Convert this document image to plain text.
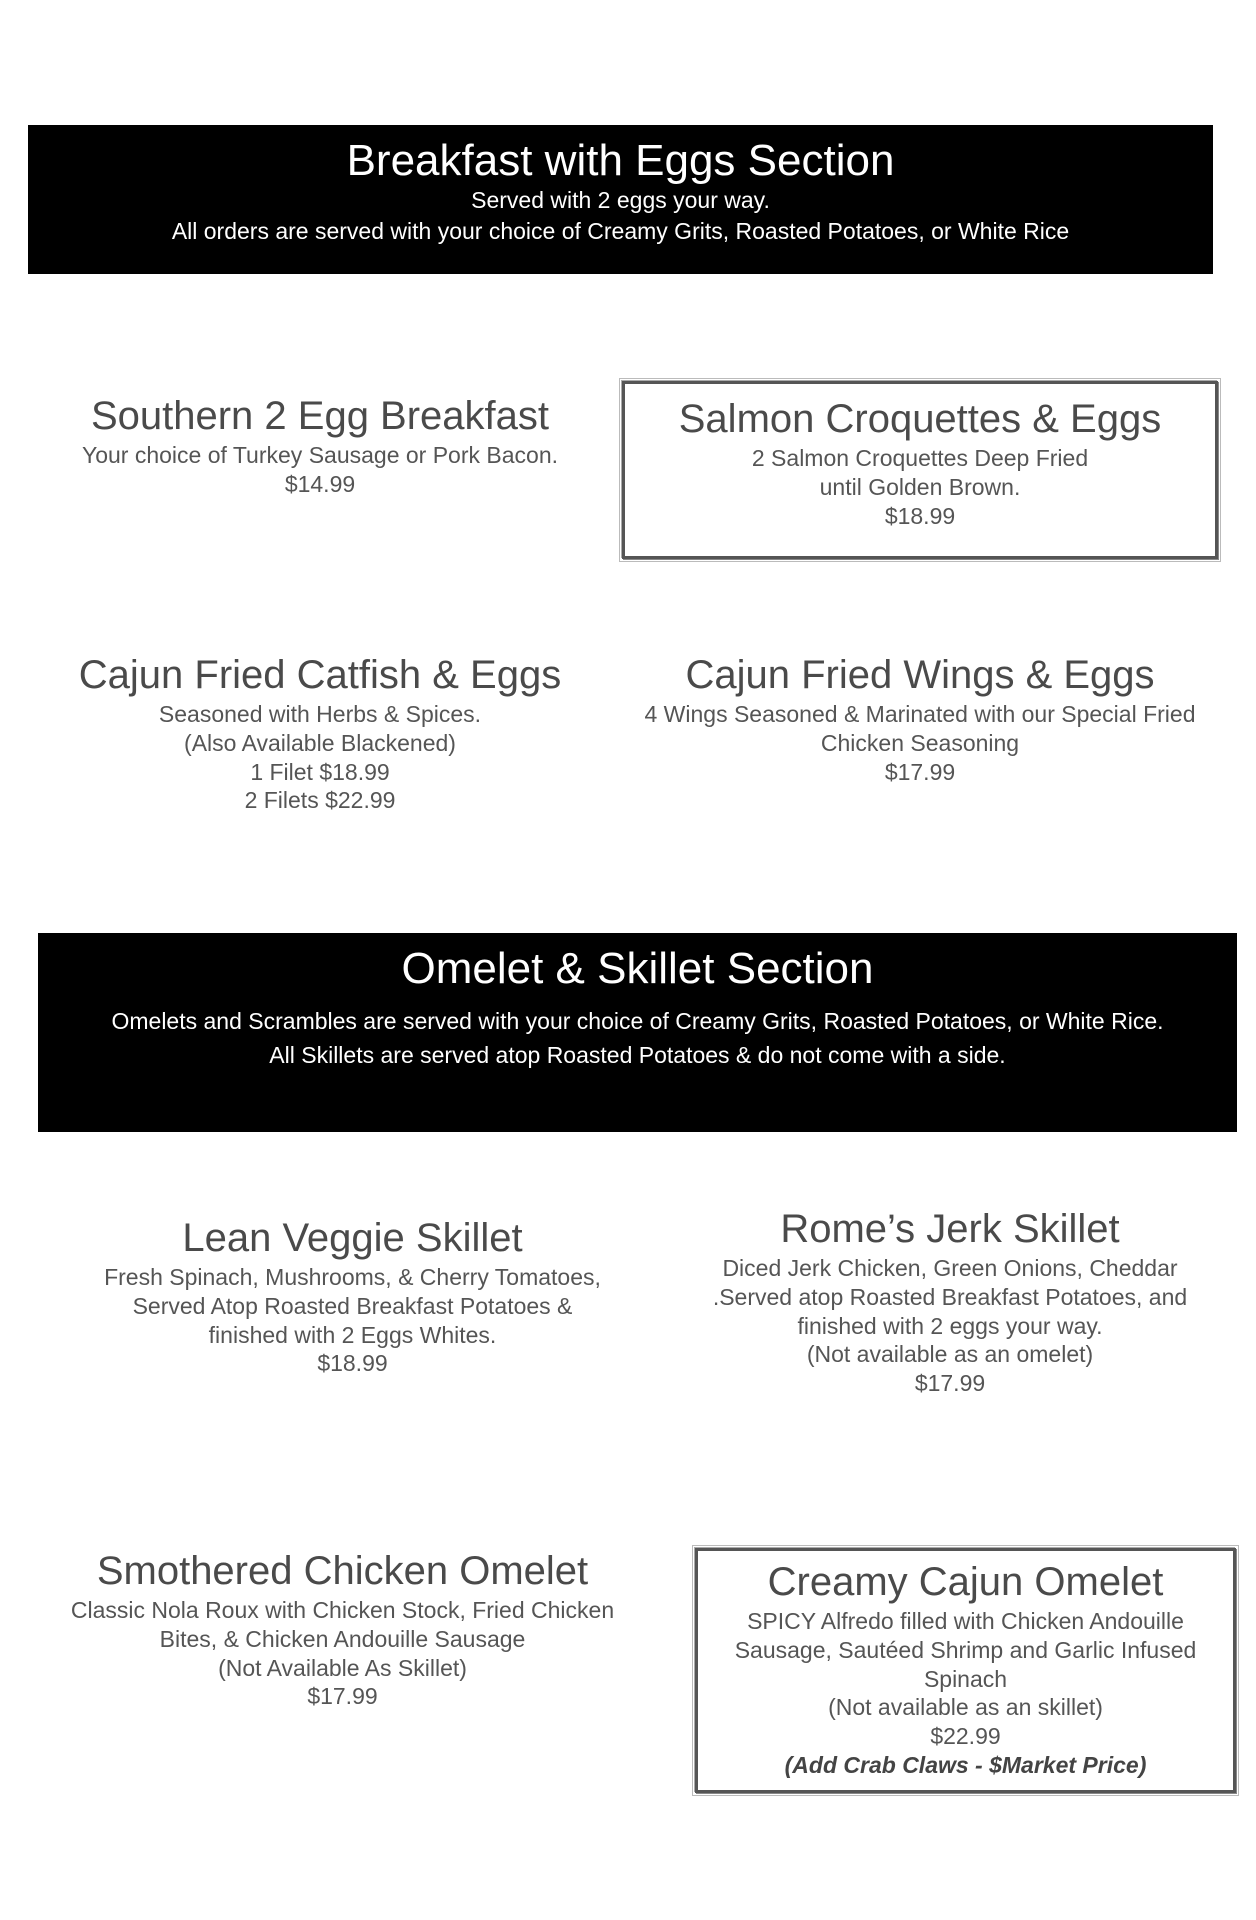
Breakfast with Eggs Section
Served with 2 eggs your way.
All orders are served with your choice of Creamy Grits, Roasted Potatoes, or White Rice
Southern 2 Egg Breakfast
Your choice of Turkey Sausage or Pork Bacon.
$14.99
Salmon Croquettes & Eggs
2 Salmon Croquettes Deep Fried
until Golden Brown.
$18.99
Cajun Fried Catfish & Eggs
Seasoned with Herbs & Spices.
(Also Available Blackened)
1 Filet $18.99
2 Filets $22.99
Cajun Fried Wings & Eggs
4 Wings Seasoned & Marinated with our Special Fried
Chicken Seasoning
$17.99
Omelet & Skillet Section
Omelets and Scrambles are served with your choice of Creamy Grits, Roasted Potatoes, or White Rice.
All Skillets are served atop Roasted Potatoes & do not come with a side.
Lean Veggie Skillet
Fresh Spinach, Mushrooms, & Cherry Tomatoes,
Served Atop Roasted Breakfast Potatoes &
finished with 2 Eggs Whites.
$18.99
Rome’s Jerk Skillet
Diced Jerk Chicken, Green Onions, Cheddar
.Served atop Roasted Breakfast Potatoes, and
finished with 2 eggs your way.
(Not available as an omelet)
$17.99
Smothered Chicken Omelet
Classic Nola Roux with Chicken Stock, Fried Chicken
Bites, & Chicken Andouille Sausage
(Not Available As Skillet)
$17.99
Creamy Cajun Omelet
SPICY Alfredo filled with Chicken Andouille
Sausage, Sautéed Shrimp and Garlic Infused
Spinach
(Not available as an skillet)
$22.99
(Add Crab Claws - $Market Price)
